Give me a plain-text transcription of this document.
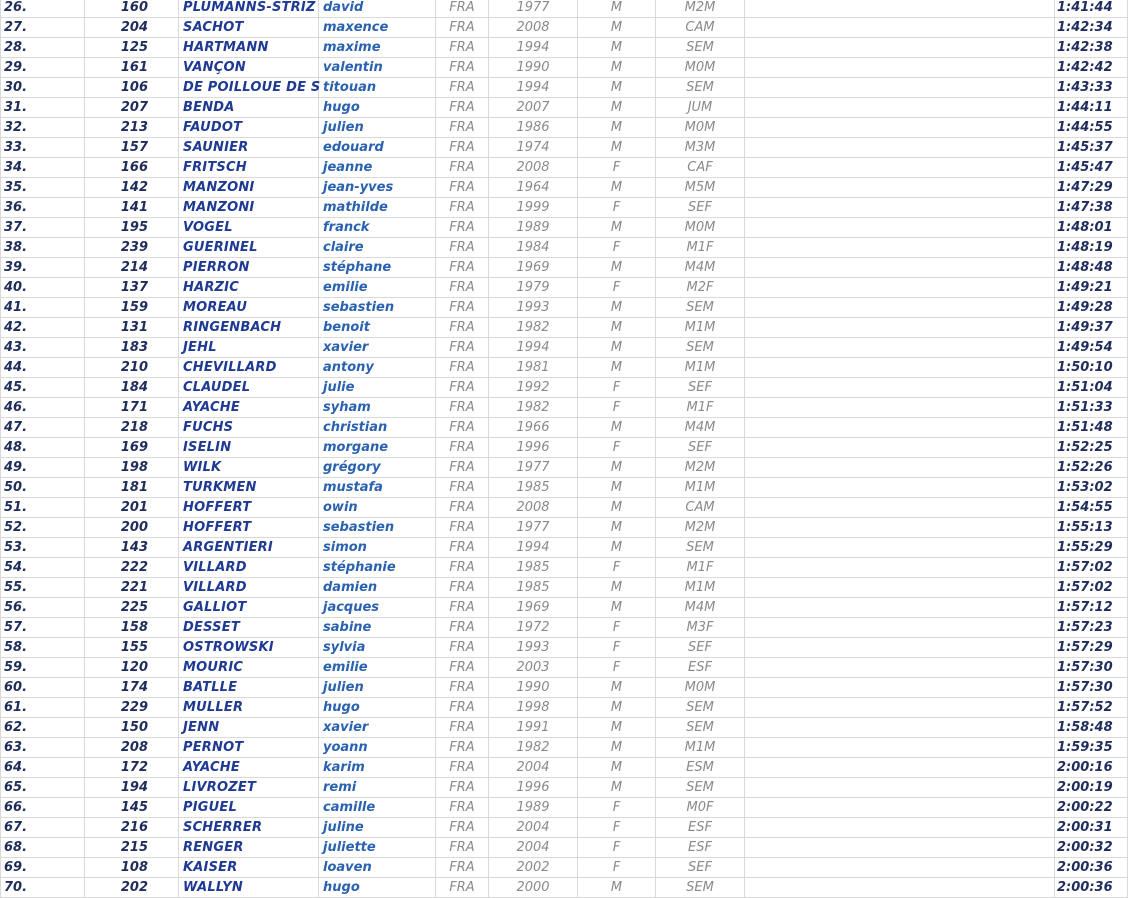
26.	160	PLUMANNS-STRIZ	david	FRA	1977	M	M2M		1:41:44
27.	204	SACHOT	maxence	FRA	2008	M	CAM		1:42:34
28.	125	HARTMANN	maxime	FRA	1994	M	SEM		1:42:38
29.	161	VANÇON	valentin	FRA	1990	M	M0M		1:42:42
30.	106	DE POILLOUE DE S	titouan	FRA	1994	M	SEM		1:43:33
31.	207	BENDA	hugo	FRA	2007	M	JUM		1:44:11
32.	213	FAUDOT	julien	FRA	1986	M	M0M		1:44:55
33.	157	SAUNIER	edouard	FRA	1974	M	M3M		1:45:37
34.	166	FRITSCH	jeanne	FRA	2008	F	CAF		1:45:47
35.	142	MANZONI	jean-yves	FRA	1964	M	M5M		1:47:29
36.	141	MANZONI	mathilde	FRA	1999	F	SEF		1:47:38
37.	195	VOGEL	franck	FRA	1989	M	M0M		1:48:01
38.	239	GUERINEL	claire	FRA	1984	F	M1F		1:48:19
39.	214	PIERRON	stéphane	FRA	1969	M	M4M		1:48:48
40.	137	HARZIC	emilie	FRA	1979	F	M2F		1:49:21
41.	159	MOREAU	sebastien	FRA	1993	M	SEM		1:49:28
42.	131	RINGENBACH	benoit	FRA	1982	M	M1M		1:49:37
43.	183	JEHL	xavier	FRA	1994	M	SEM		1:49:54
44.	210	CHEVILLARD	antony	FRA	1981	M	M1M		1:50:10
45.	184	CLAUDEL	julie	FRA	1992	F	SEF		1:51:04
46.	171	AYACHE	syham	FRA	1982	F	M1F		1:51:33
47.	218	FUCHS	christian	FRA	1966	M	M4M		1:51:48
48.	169	ISELIN	morgane	FRA	1996	F	SEF		1:52:25
49.	198	WILK	grégory	FRA	1977	M	M2M		1:52:26
50.	181	TURKMEN	mustafa	FRA	1985	M	M1M		1:53:02
51.	201	HOFFERT	owin	FRA	2008	M	CAM		1:54:55
52.	200	HOFFERT	sebastien	FRA	1977	M	M2M		1:55:13
53.	143	ARGENTIERI	simon	FRA	1994	M	SEM		1:55:29
54.	222	VILLARD	stéphanie	FRA	1985	F	M1F		1:57:02
55.	221	VILLARD	damien	FRA	1985	M	M1M		1:57:02
56.	225	GALLIOT	jacques	FRA	1969	M	M4M		1:57:12
57.	158	DESSET	sabine	FRA	1972	F	M3F		1:57:23
58.	155	OSTROWSKI	sylvia	FRA	1993	F	SEF		1:57:29
59.	120	MOURIC	emilie	FRA	2003	F	ESF		1:57:30
60.	174	BATLLE	julien	FRA	1990	M	M0M		1:57:30
61.	229	MULLER	hugo	FRA	1998	M	SEM		1:57:52
62.	150	JENN	xavier	FRA	1991	M	SEM		1:58:48
63.	208	PERNOT	yoann	FRA	1982	M	M1M		1:59:35
64.	172	AYACHE	karim	FRA	2004	M	ESM		2:00:16
65.	194	LIVROZET	remi	FRA	1996	M	SEM		2:00:19
66.	145	PIGUEL	camille	FRA	1989	F	M0F		2:00:22
67.	216	SCHERRER	juline	FRA	2004	F	ESF		2:00:31
68.	215	RENGER	juliette	FRA	2004	F	ESF		2:00:32
69.	108	KAISER	loaven	FRA	2002	F	SEF		2:00:36
70.	202	WALLYN	hugo	FRA	2000	M	SEM		2:00:36
